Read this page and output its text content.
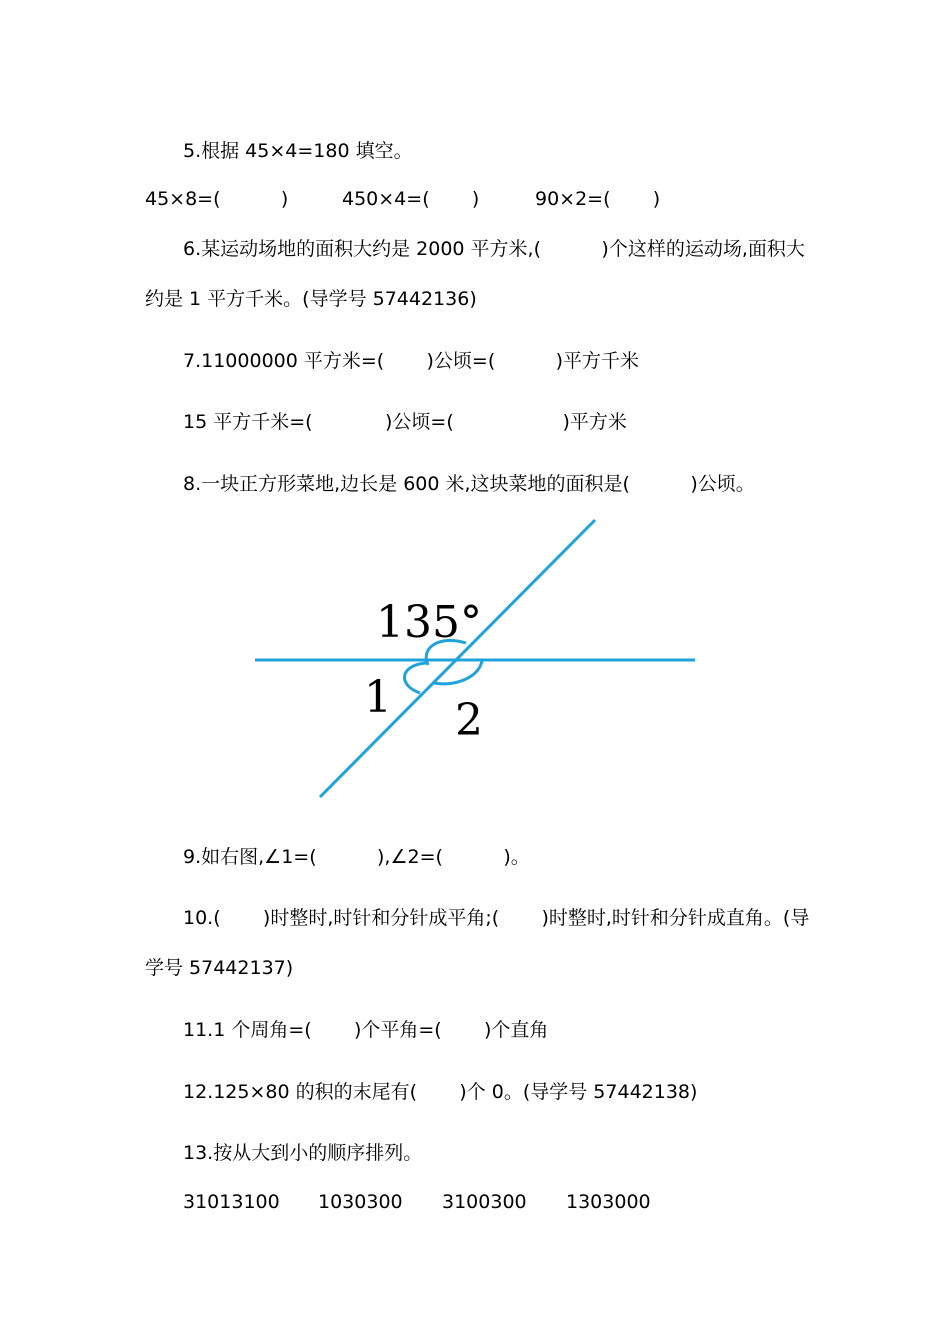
5.根据 45×4=180 填空。
45×8=(          )	450×4=(       )	90×2=(       )
6.某运动场地的面积大约是 2000 平方米,(          )个这样的运动场,面积大
约是 1 平方千米。(导学号 57442136)
7.11000000 平方米=(       )公顷=(          )平方千米
15 平方千米=(            )公顷=(                  )平方米
8.一块正方形菜地,边长是 600 米,这块菜地的面积是(          )公顷。
135°
1 2
9.如右图,∠1=(          ),∠2=(          )。
10.(       )时整时,时针和分针成平角;(       )时整时,时针和分针成直角。(导
学号 57442137)
11.1 个周角=(       )个平角=(       )个直角
12.125×80 的积的末尾有(       )个 0。(导学号 57442138)
13.按从大到小的顺序排列。
31013100 1030300 3100300 1303000
